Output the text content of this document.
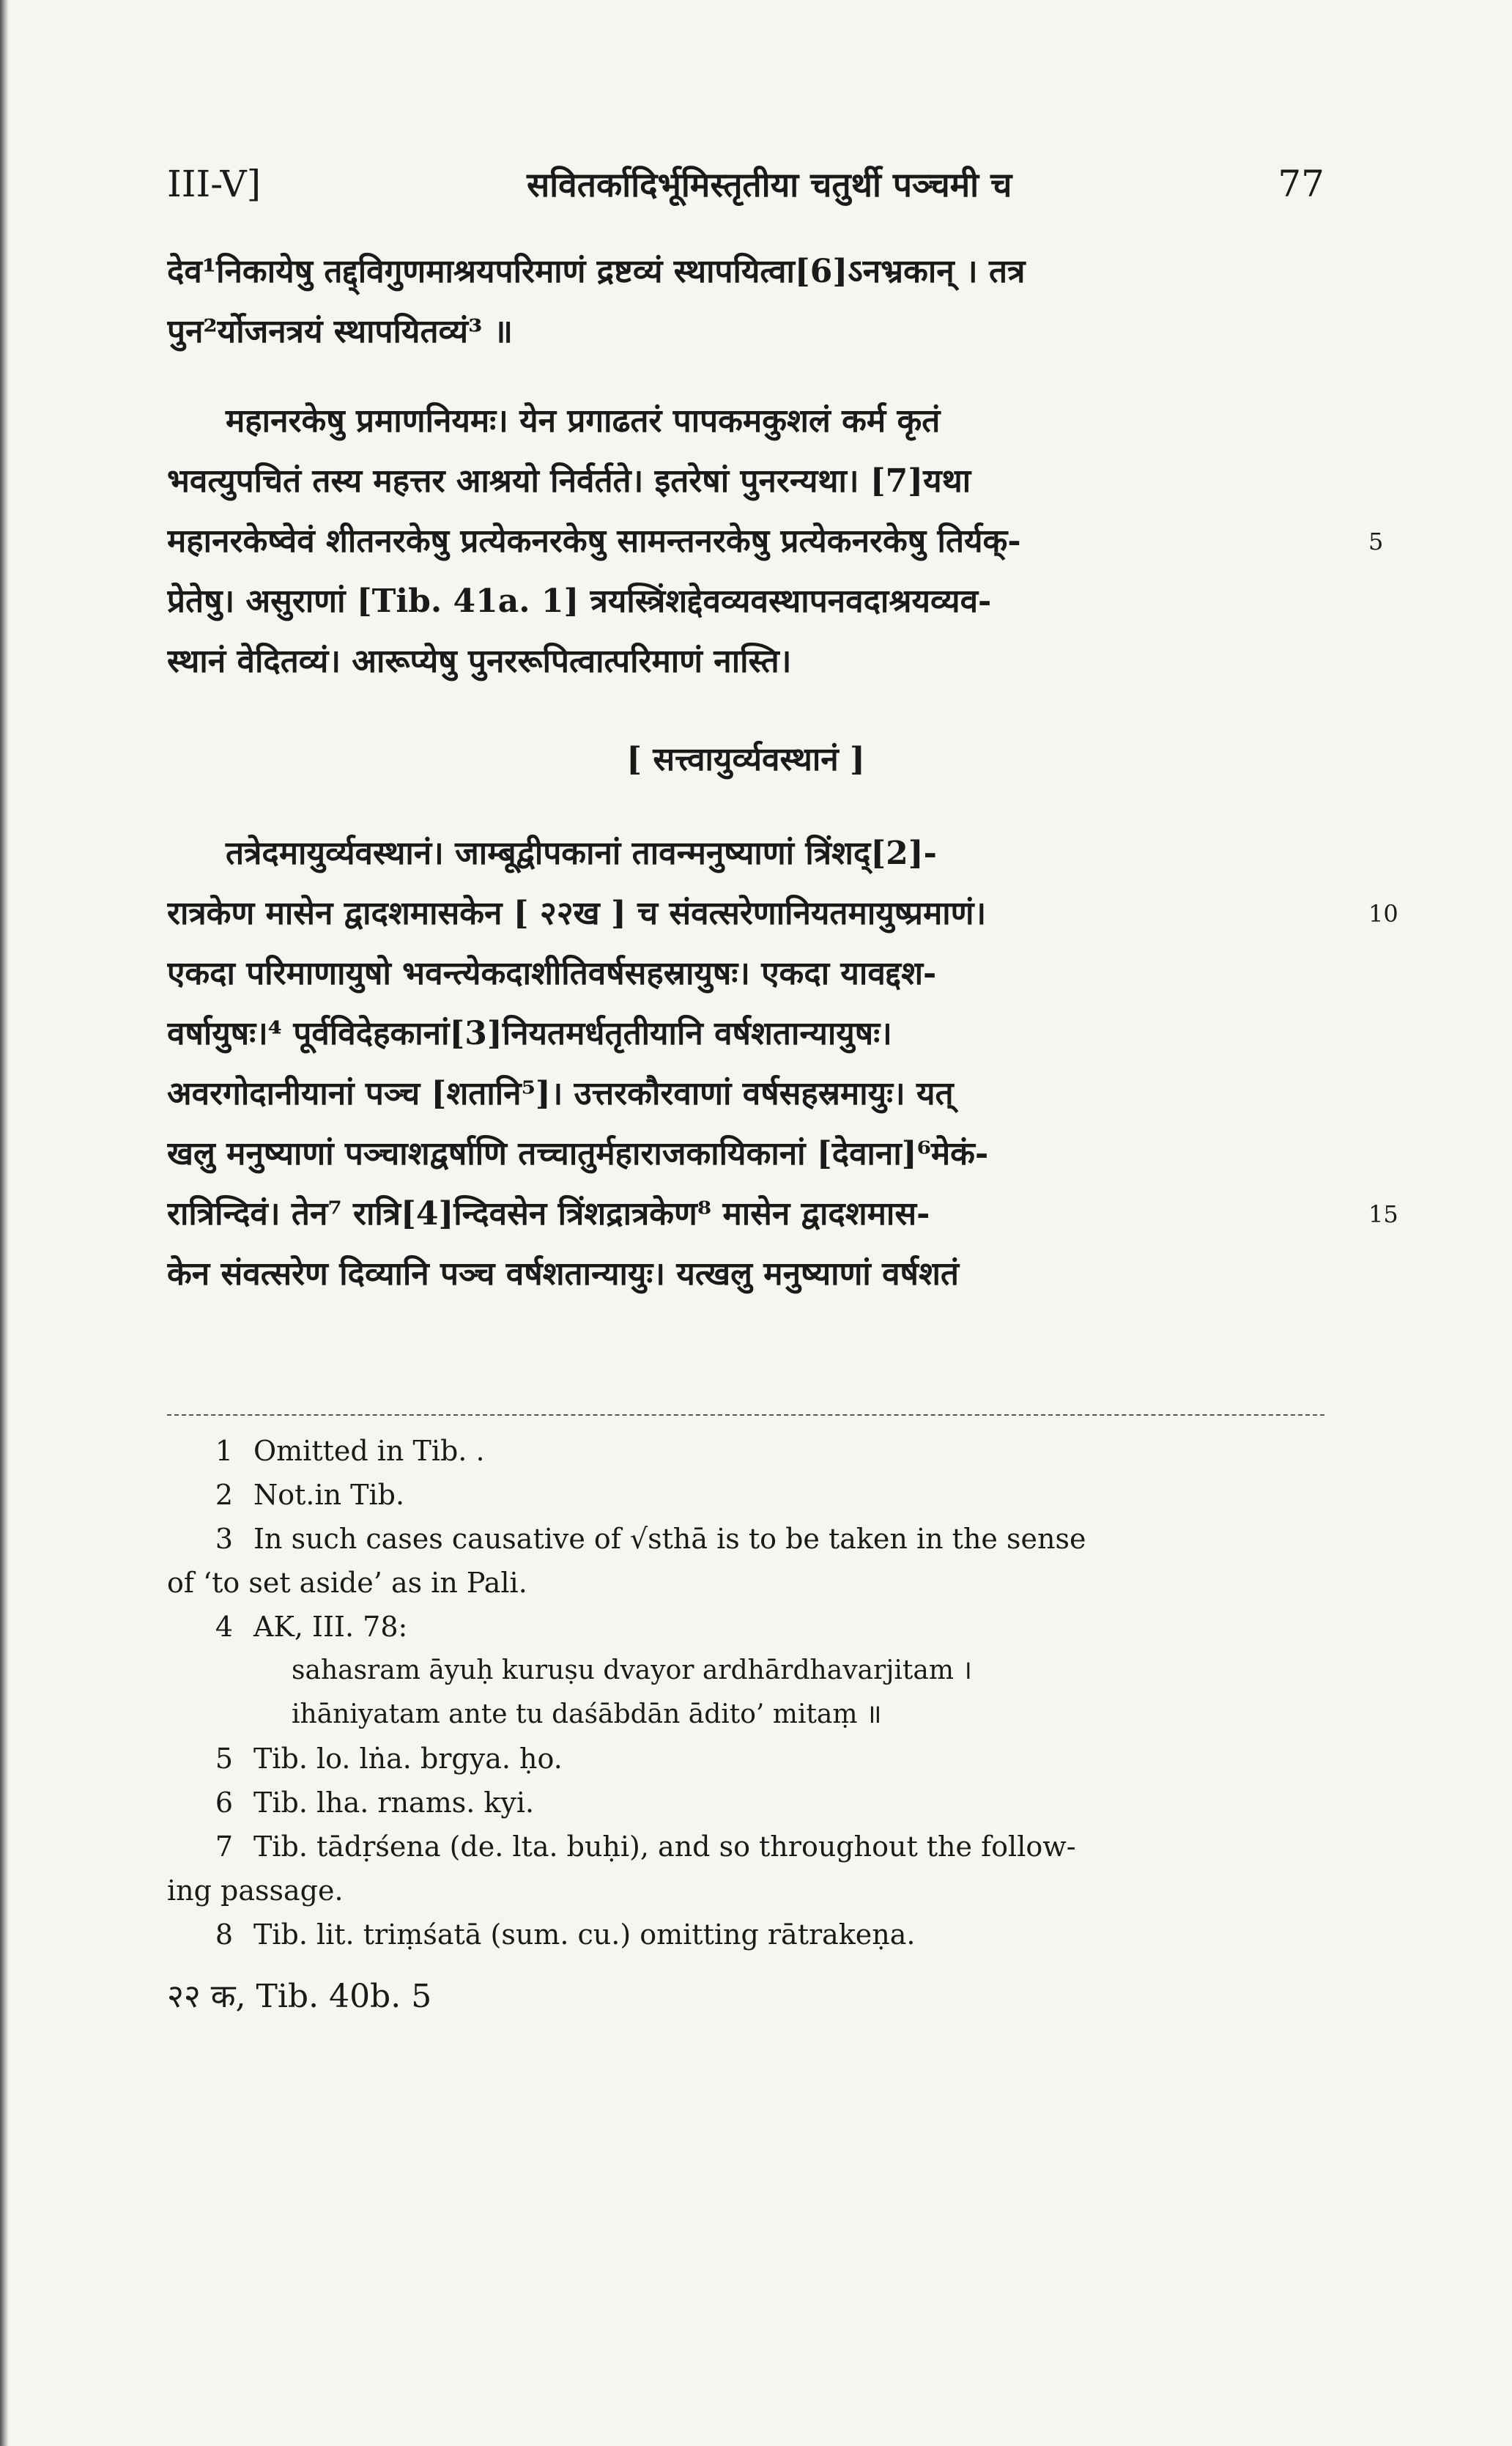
III-V]	सवितर्कादिर्भूमिस्तृतीया चतुर्थी पञ्चमी च	77
देव¹निकायेषु तद्द्विगुणमाश्रयपरिमाणं द्रष्टव्यं स्थापयित्वा[6]ऽनभ्रकान् । तत्र
पुन²र्योजनत्रयं स्थापयितव्यं³ ॥
महानरकेषु प्रमाणनियमः। येन प्रगाढतरं पापकमकुशलं कर्म कृतं
भवत्युपचितं तस्य महत्तर आश्रयो निर्वर्तते। इतरेषां पुनरन्यथा। [7]यथा
महानरकेष्वेवं शीतनरकेषु प्रत्येकनरकेषु सामन्तनरकेषु प्रत्येकनरकेषु तिर्यक्-	5
प्रेतेषु। असुराणां [Tib. 41a. 1] त्रयस्त्रिंशद्देवव्यवस्थापनवदाश्रयव्यव-
स्थानं वेदितव्यं। आरूप्येषु पुनररूपित्वात्परिमाणं नास्ति।
[ सत्त्वायुर्व्यवस्थानं ]
तत्रेदमायुर्व्यवस्थानं। जाम्बूद्वीपकानां तावन्मनुष्याणां त्रिंशद्[2]-
रात्रकेण मासेन द्वादशमासकेन [ २२ख ] च संवत्सरेणानियतमायुष्प्रमाणं।	10
एकदा परिमाणायुषो भवन्त्येकदाशीतिवर्षसहस्रायुषः। एकदा यावद्दश-
वर्षायुषः।⁴ पूर्वविदेहकानां[3]नियतमर्धतृतीयानि वर्षशतान्यायुषः।
अवरगोदानीयानां पञ्च [शतानि⁵]। उत्तरकौरवाणां वर्षसहस्रमायुः। यत्
खलु मनुष्याणां पञ्चाशद्वर्षाणि तच्चातुर्महाराजकायिकानां [देवाना]⁶मेकं-
रात्रिन्दिवं। तेन⁷ रात्रि[4]न्दिवसेन त्रिंशद्रात्रकेण⁸ मासेन द्वादशमास-	15
केन संवत्सरेण दिव्यानि पञ्च वर्षशतान्यायुः। यत्खलु मनुष्याणां वर्षशतं
1 Omitted in Tib. .
2 Not.in Tib.
3 In such cases causative of √sthā is to be taken in the sense
of ‘to set aside’ as in Pali.
4 AK, III. 78:
sahasram āyuḥ kuruṣu dvayor ardhārdhavarjitam ।
ihāniyatam ante tu daśābdān ādito’ mitaṃ ॥
5 Tib. lo. lṅa. brgya. ḥo.
6 Tib. lha. rnams. kyi.
7 Tib. tādṛśena (de. lta. buḥi), and so throughout the follow-
ing passage.
8 Tib. lit. triṃśatā (sum. cu.) omitting rātrakeṇa.
२२ क, Tib. 40b. 5
